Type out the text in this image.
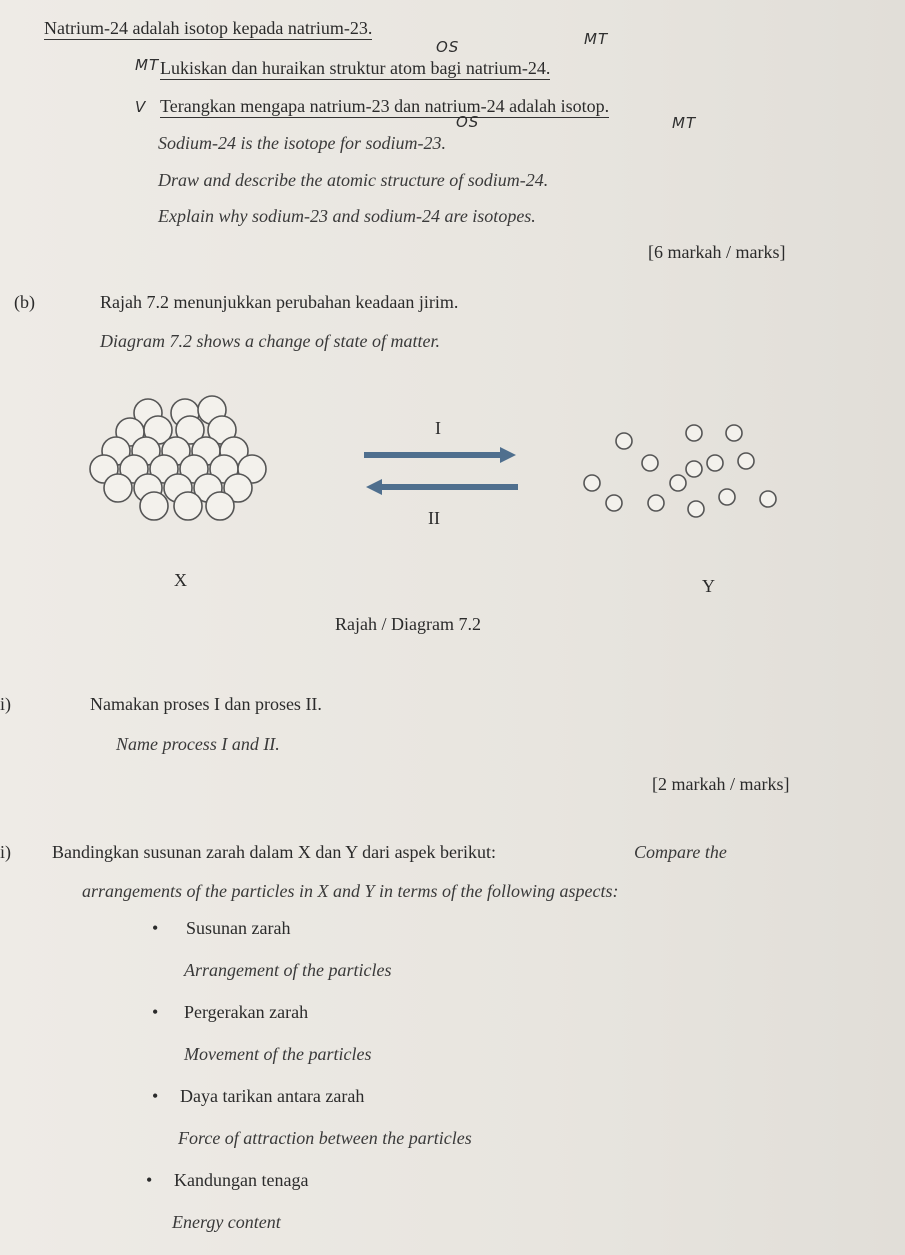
Natrium-24 adalah isotop kepada natrium-23.
OS	MT
MT Lukiskan dan huraikan struktur atom bagi natrium-24.
V Terangkan mengapa natrium-23 dan natrium-24 adalah isotop.
OS	MT
Sodium-24 is the isotope for sodium-23.
Draw and describe the atomic structure of sodium-24.
Explain why sodium-23 and sodium-24 are isotopes.
[6 markah / marks]
(b)	Rajah 7.2 menunjukkan perubahan keadaan jirim.
Diagram 7.2 shows a change of state of matter.
I
II
X	Y
Rajah / Diagram 7.2
i)	Namakan proses I dan proses II.
Name process I and II.
[2 markah / marks]
i) Bandingkan susunan zarah dalam X dan Y dari aspek berikut:	Compare the
arrangements of the particles in X and Y in terms of the following aspects:
• Susunan zarah
Arrangement of the particles
• Pergerakan zarah
Movement of the particles
• Daya tarikan antara zarah
Force of attraction between the particles
• Kandungan tenaga
Energy content
